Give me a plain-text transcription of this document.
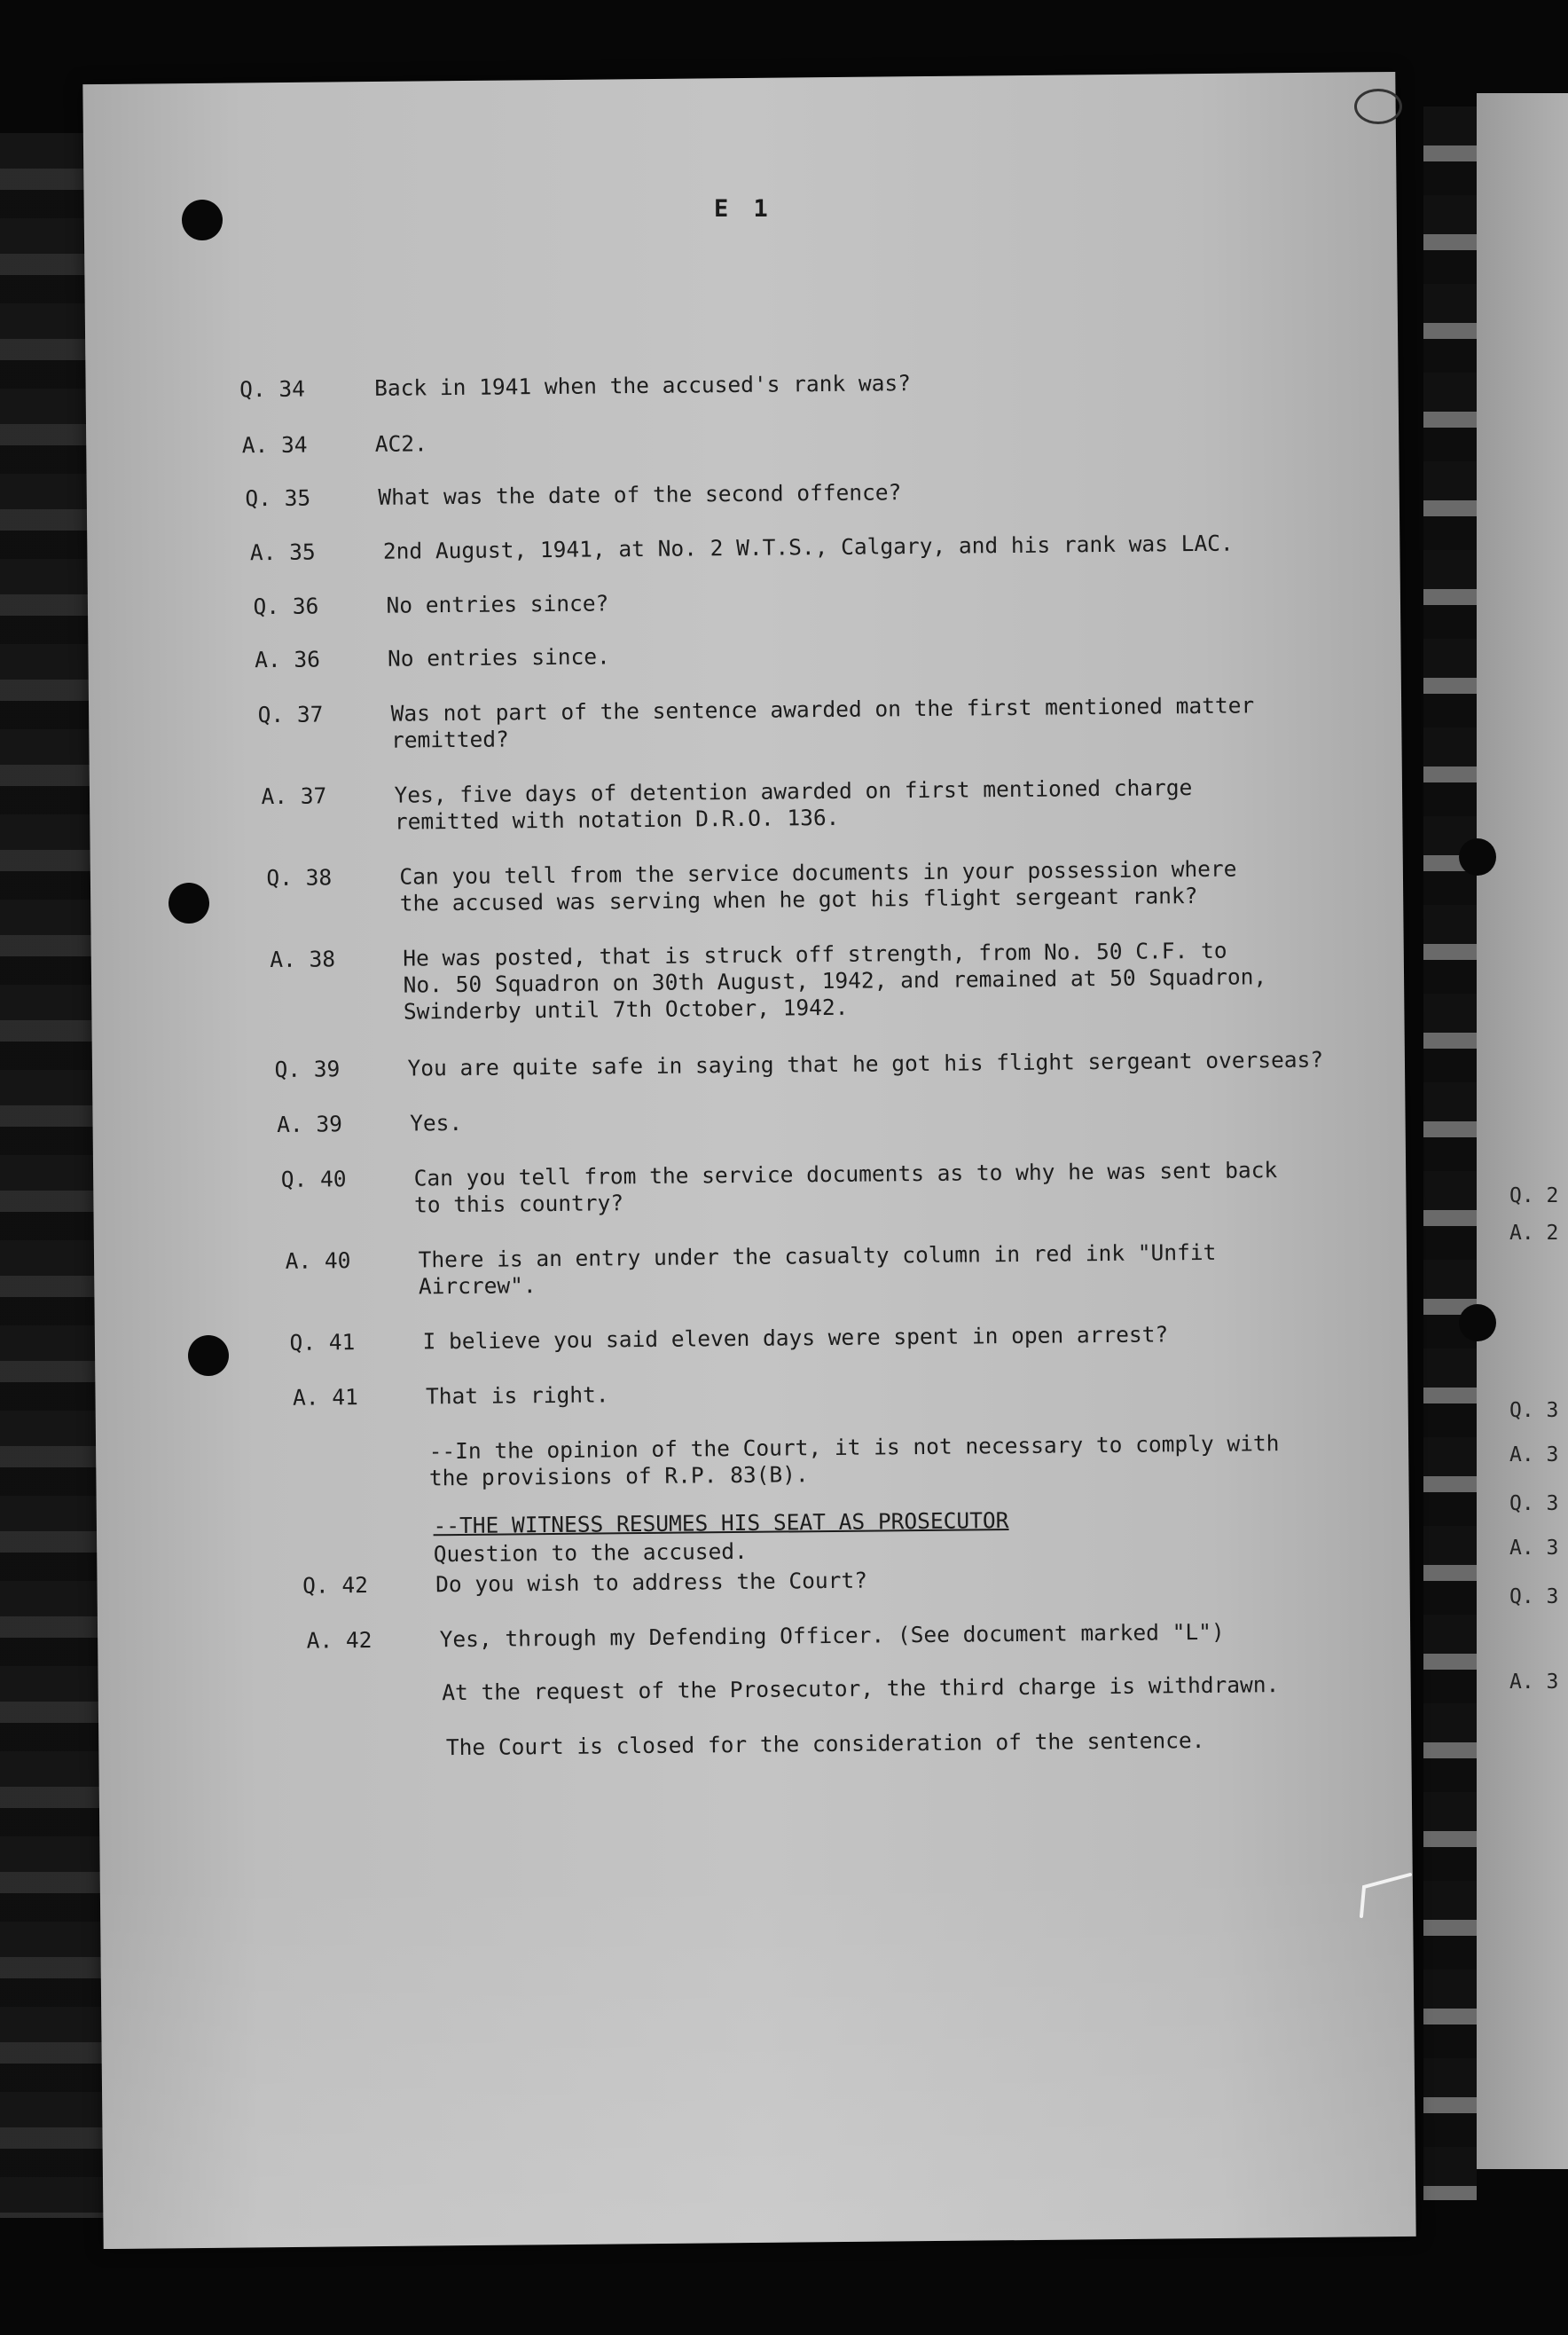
Q. 2
A. 2
Q. 3
A. 3
Q. 3
A. 3
Q. 3
A. 3
E 1
Q. 34	Back in 1941 when the accused's rank was?
A. 34	AC2.
Q. 35	What was the date of the second offence?
A. 35	2nd August, 1941, at No. 2 W.T.S., Calgary, and his rank was LAC.
Q. 36	No entries since?
A. 36	No entries since.
Q. 37	Was not part of the sentence awarded on the first mentioned matter
remitted?
A. 37	Yes, five days of detention awarded on first mentioned charge
remitted with notation D.R.O. 136.
Q. 38	Can you tell from the service documents in your possession where
the accused was serving when he got his flight sergeant rank?
A. 38	He was posted, that is struck off strength, from No. 50 C.F. to
No. 50 Squadron on 30th August, 1942, and remained at 50 Squadron,
Swinderby until 7th October, 1942.
Q. 39	You are quite safe in saying that he got his flight sergeant overseas?
A. 39	Yes.
Q. 40	Can you tell from the service documents as to why he was sent back
to this country?
A. 40	There is an entry under the casualty column in red ink "Unfit
Aircrew".
Q. 41	I believe you said eleven days were spent in open arrest?
A. 41	That is right.
--In the opinion of the Court, it is not necessary to comply with
the provisions of R.P. 83(B).
--THE WITNESS RESUMES HIS SEAT AS PROSECUTOR
Question to the accused.
Q. 42	Do you wish to address the Court?
A. 42	Yes, through my Defending Officer. (See document marked "L")
At the request of the Prosecutor, the third charge is withdrawn.
The Court is closed for the consideration of the sentence.
